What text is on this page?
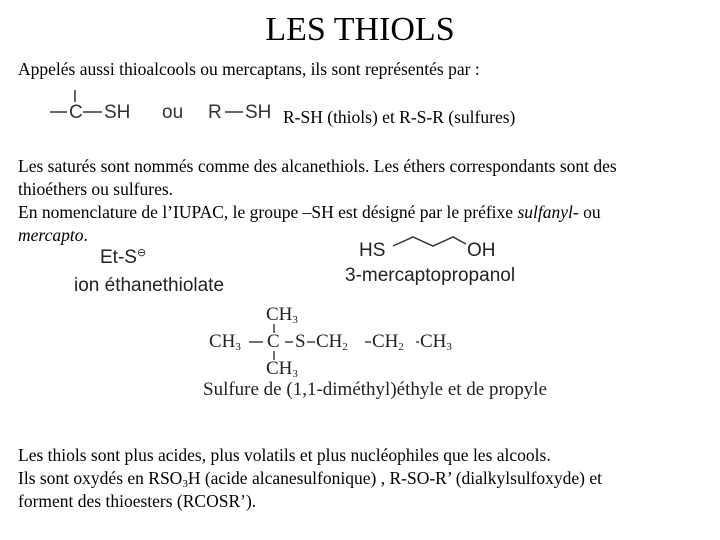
LES THIOLS
Appelés aussi thioalcools ou mercaptans, ils sont représentés par :
C SH ou R SH R-SH (thiols) et R-S-R (sulfures)
Les saturés sont nommés comme des alcanethiols. Les éthers correspondants sont des
thioéthers ou sulfures.
En nomenclature de l’IUPAC, le groupe –SH est désigné par le préfixe sulfanyl- ou
mercapto.
Et-S⊖
ion éthanethiolate
HS	OH
3-mercaptopropanol
$CH_3$
$CH_3$ C S $CH_2$ $CH_2$ $CH_3$
$CH_3$
Sulfure de (1,1-diméthyl)éthyle et de propyle
Les thiols sont plus acides, plus volatils et plus nucléophiles que les alcools.
Ils sont oxydés en $RSO_3H$ (acide alcanesulfonique) , R-SO-R’ (dialkylsulfoxyde) et
forment des thioesters (RCOSR’).
